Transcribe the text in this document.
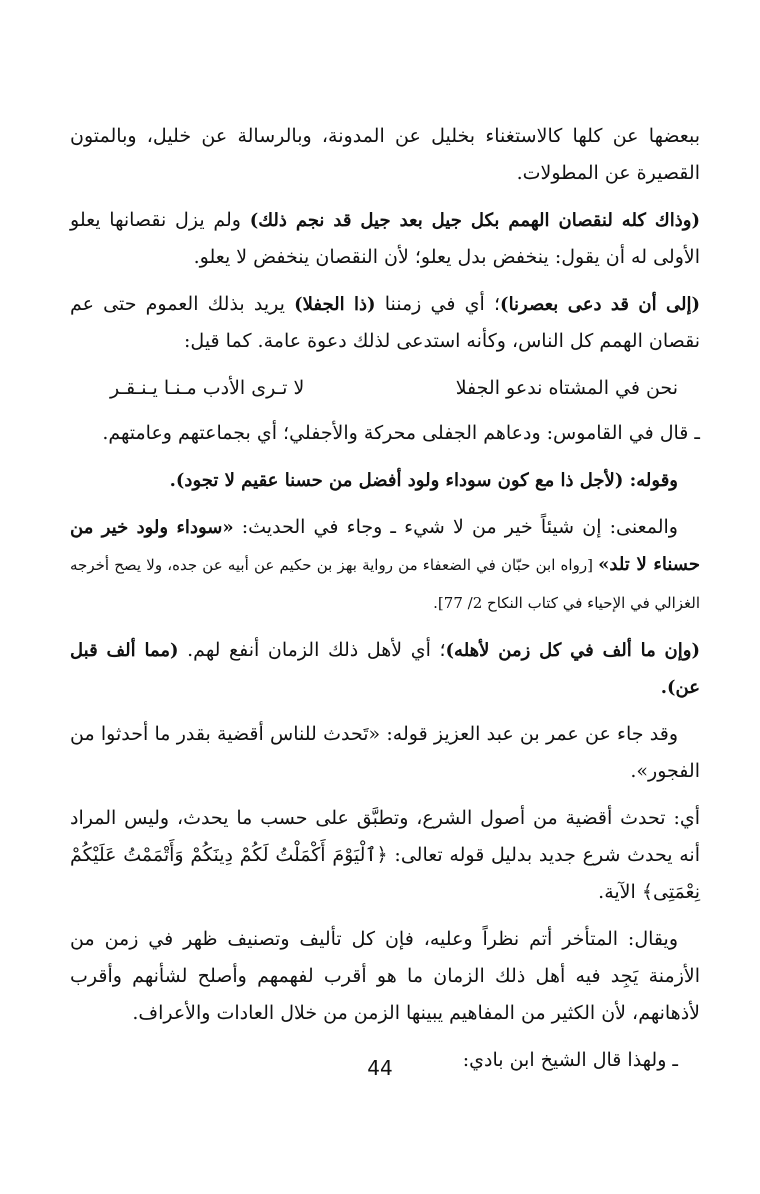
ببعضها عن كلها كالاستغناء بخليل عن المدونة، وبالرسالة عن خليل، وبالمتون القصيرة عن المطولات.

(وذاك كله لنقصان الهمم بكل جيل بعد جيل قد نجم ذلك) ولم يزل نقصانها يعلو الأولى له أن يقول: ينخفض بدل يعلو؛ لأن النقصان ينخفض لا يعلو.

(إلى أن قد دعى بعصرنا)؛ أي في زمننا (ذا الجفلا) يريد بذلك العموم حتى عم نقصان الهمم كل الناس، وكأنه استدعى لذلك دعوة عامة. كما قيل:

نحن في المشتاه ندعو الجفلا
لا تـرى الأدب مـنـا يـنـقـر

ـ قال في القاموس: ودعاهم الجفلى محركة والأجفلي؛ أي بجماعتهم وعامتهم.

وقوله: (لأجل ذا مع كون سوداء ولود أفضل من حسنا عقيم لا تجود).

والمعنى: إن شيئاً خير من لا شيء ـ وجاء في الحديث: «سوداء ولود خير من حسناء لا تلد» [رواه ابن حبّان في الضعفاء من رواية بهز بن حكيم عن أبيه عن جده، ولا يصح أخرجه الغزالي في الإحياء في كتاب النكاح 2/ 77].

(وإن ما ألف في كل زمن لأهله)؛ أي لأهل ذلك الزمان أنفع لهم. (مما ألف قبل عن).

وقد جاء عن عمر بن عبد العزيز قوله: «تَحدث للناس أقضية بقدر ما أحدثوا من الفجور».

أي: تحدث أقضية من أصول الشرع، وتطبَّق على حسب ما يحدث، وليس المراد أنه يحدث شرع جديد بدليل قوله تعالى: ﴿ٱلْيَوْمَ أَكْمَلْتُ لَكُمْ دِينَكُمْ وَأَتْمَمْتُ عَلَيْكُمْ نِعْمَتِى﴾ الآية.

ويقال: المتأخر أتم نظراً وعليه، فإن كل تأليف وتصنيف ظهر في زمن من الأزمنة يَجِد فيه أهل ذلك الزمان ما هو أقرب لفهمهم وأصلح لشأنهم وأقرب لأذهانهم، لأن الكثير من المفاهيم يبينها الزمن من خلال العادات والأعراف.

ـ ولهذا قال الشيخ ابن بادي:

44
